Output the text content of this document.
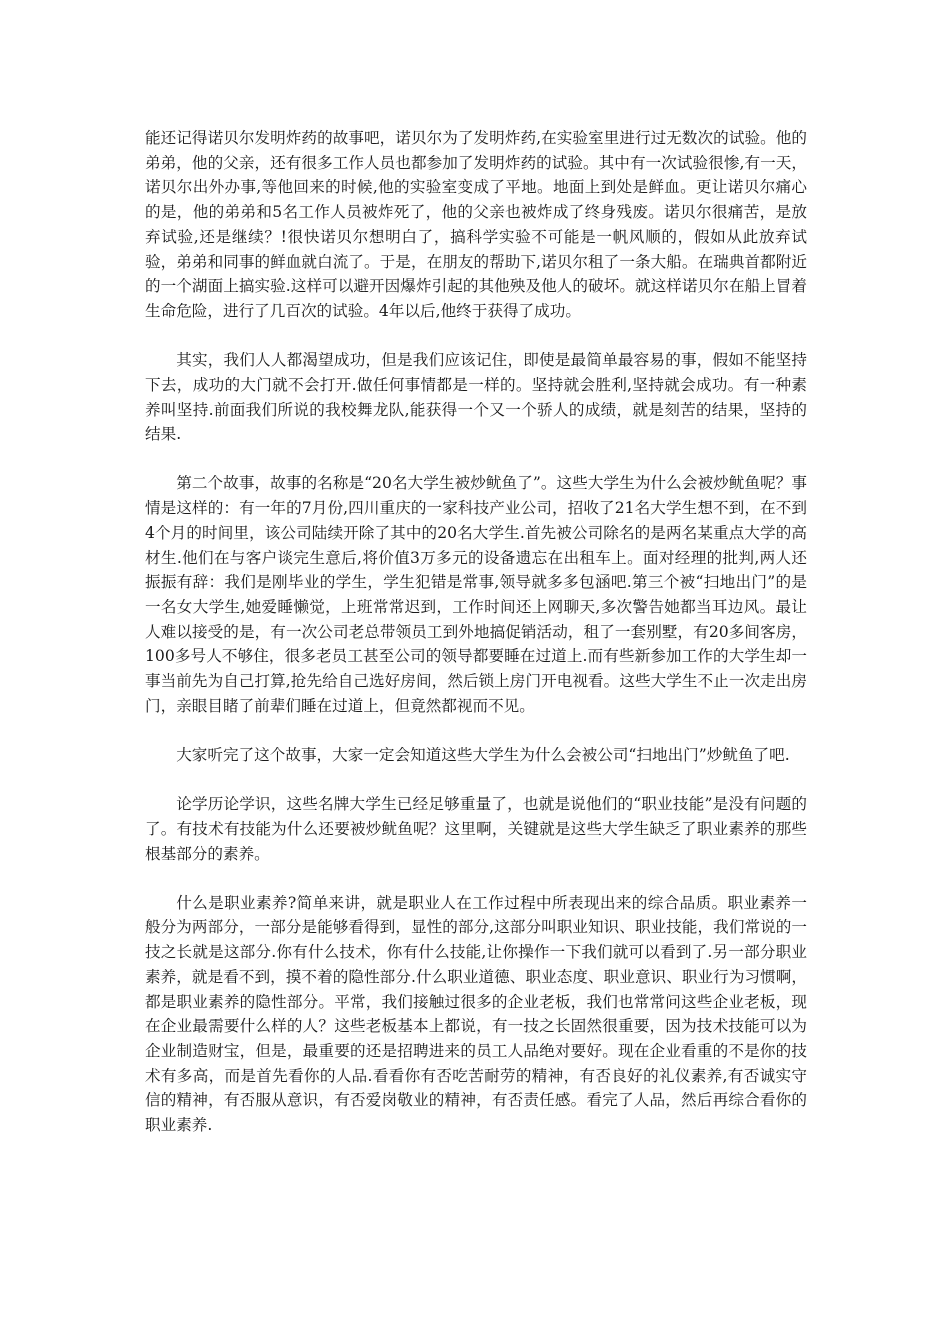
能还记得诺贝尔发明炸药的故事吧，诺贝尔为了发明炸药,在实验室里进行过无数次的试验。他的弟弟，他的父亲，还有很多工作人员也都参加了发明炸药的试验。其中有一次试验很惨,有一天，诺贝尔出外办事,等他回来的时候,他的实验室变成了平地。地面上到处是鲜血。更让诺贝尔痛心的是，他的弟弟和5名工作人员被炸死了，他的父亲也被炸成了终身残废。诺贝尔很痛苦，是放弃试验,还是继续？!很快诺贝尔想明白了，搞科学实验不可能是一帆风顺的，假如从此放弃试验，弟弟和同事的鲜血就白流了。于是，在朋友的帮助下,诺贝尔租了一条大船。在瑞典首都附近的一个湖面上搞实验.这样可以避开因爆炸引起的其他殃及他人的破坏。就这样诺贝尔在船上冒着生命危险，进行了几百次的试验。4年以后,他终于获得了成功。

其实，我们人人都渴望成功，但是我们应该记住，即使是最简单最容易的事，假如不能坚持下去，成功的大门就不会打开.做任何事情都是一样的。坚持就会胜利,坚持就会成功。有一种素养叫坚持.前面我们所说的我校舞龙队,能获得一个又一个骄人的成绩，就是刻苦的结果，坚持的结果.

第二个故事，故事的名称是“20名大学生被炒鱿鱼了”。这些大学生为什么会被炒鱿鱼呢？事情是这样的：有一年的7月份,四川重庆的一家科技产业公司，招收了21名大学生想不到，在不到4个月的时间里，该公司陆续开除了其中的20名大学生.首先被公司除名的是两名某重点大学的高材生.他们在与客户谈完生意后,将价值3万多元的设备遗忘在出租车上。面对经理的批判,两人还振振有辞：我们是刚毕业的学生，学生犯错是常事,领导就多多包涵吧.第三个被“扫地出门”的是一名女大学生,她爱睡懒觉，上班常常迟到，工作时间还上网聊天,多次警告她都当耳边风。最让人难以接受的是，有一次公司老总带领员工到外地搞促销活动，租了一套别墅，有20多间客房，100多号人不够住，很多老员工甚至公司的领导都要睡在过道上.而有些新参加工作的大学生却一事当前先为自己打算,抢先给自己选好房间，然后锁上房门开电视看。这些大学生不止一次走出房门，亲眼目睹了前辈们睡在过道上，但竟然都视而不见。

大家听完了这个故事，大家一定会知道这些大学生为什么会被公司“扫地出门”炒鱿鱼了吧.

论学历论学识，这些名牌大学生已经足够重量了，也就是说他们的“职业技能”是没有问题的了。有技术有技能为什么还要被炒鱿鱼呢？这里啊，关键就是这些大学生缺乏了职业素养的那些根基部分的素养。

什么是职业素养?简单来讲，就是职业人在工作过程中所表现出来的综合品质。职业素养一般分为两部分，一部分是能够看得到，显性的部分,这部分叫职业知识、职业技能，我们常说的一技之长就是这部分.你有什么技术，你有什么技能,让你操作一下我们就可以看到了.另一部分职业素养，就是看不到，摸不着的隐性部分.什么职业道德、职业态度、职业意识、职业行为习惯啊，都是职业素养的隐性部分。平常，我们接触过很多的企业老板，我们也常常问这些企业老板，现在企业最需要什么样的人？这些老板基本上都说，有一技之长固然很重要，因为技术技能可以为企业制造财宝，但是，最重要的还是招聘进来的员工人品绝对要好。现在企业看重的不是你的技术有多高，而是首先看你的人品.看看你有否吃苦耐劳的精神，有否良好的礼仪素养,有否诚实守信的精神，有否服从意识，有否爱岗敬业的精神，有否责任感。看完了人品，然后再综合看你的职业素养.
